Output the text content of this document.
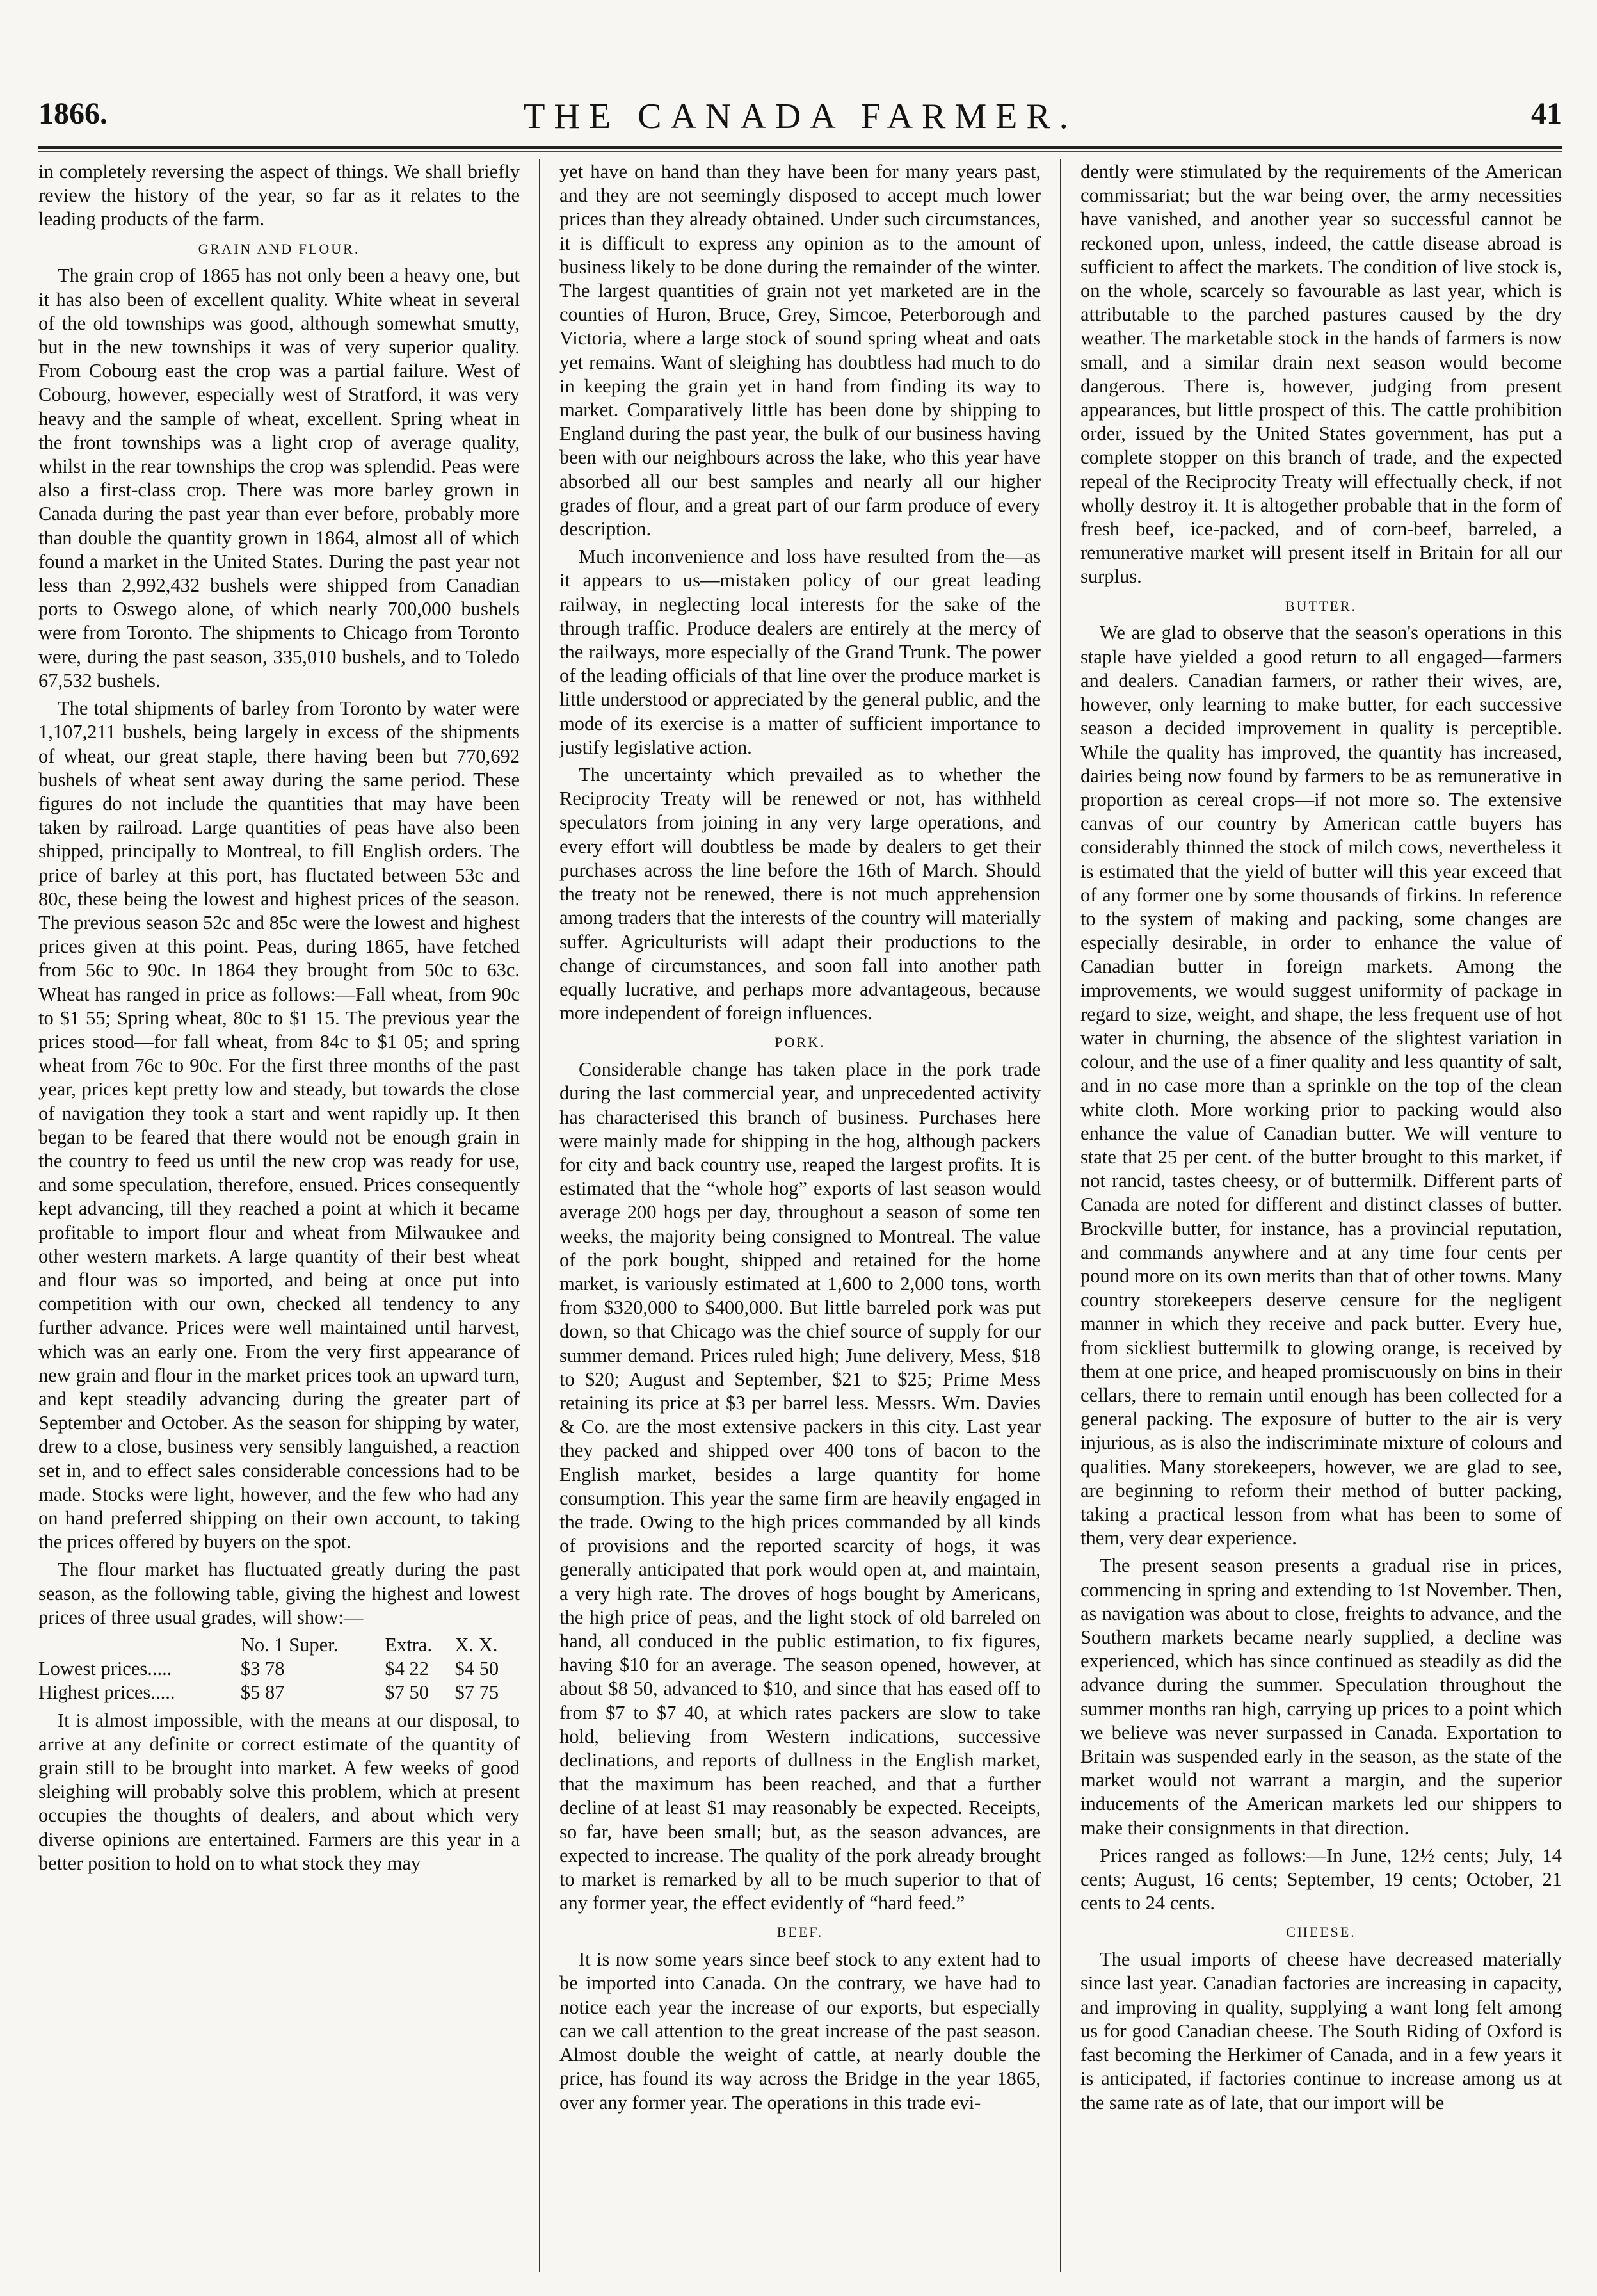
1866.	THE CANADA FARMER.	41

in completely reversing the aspect of things. We shall briefly review the history of the year, so far as it relates to the leading products of the farm.

GRAIN AND FLOUR.

The grain crop of 1865 has not only been a heavy one, but it has also been of excellent quality. White wheat in several of the old townships was good, although somewhat smutty, but in the new townships it was of very superior quality. From Cobourg east the crop was a partial failure. West of Cobourg, however, especially west of Stratford, it was very heavy and the sample of wheat, excellent. Spring wheat in the front townships was a light crop of average quality, whilst in the rear townships the crop was splendid. Peas were also a first-class crop. There was more barley grown in Canada during the past year than ever before, probably more than double the quantity grown in 1864, almost all of which found a market in the United States. During the past year not less than 2,992,432 bushels were shipped from Canadian ports to Oswego alone, of which nearly 700,000 bushels were from Toronto. The shipments to Chicago from Toronto were, during the past season, 335,010 bushels, and to Toledo 67,532 bushels.

The total shipments of barley from Toronto by water were 1,107,211 bushels, being largely in excess of the shipments of wheat, our great staple, there having been but 770,692 bushels of wheat sent away during the same period. These figures do not include the quantities that may have been taken by railroad. Large quantities of peas have also been shipped, principally to Montreal, to fill English orders. The price of barley at this port, has fluctated between 53c and 80c, these being the lowest and highest prices of the season. The previous season 52c and 85c were the lowest and highest prices given at this point. Peas, during 1865, have fetched from 56c to 90c. In 1864 they brought from 50c to 63c. Wheat has ranged in price as follows:—Fall wheat, from 90c to $1 55; Spring wheat, 80c to $1 15. The previous year the prices stood—for fall wheat, from 84c to $1 05; and spring wheat from 76c to 90c. For the first three months of the past year, prices kept pretty low and steady, but towards the close of navigation they took a start and went rapidly up. It then began to be feared that there would not be enough grain in the country to feed us until the new crop was ready for use, and some speculation, therefore, ensued. Prices consequently kept advancing, till they reached a point at which it became profitable to import flour and wheat from Milwaukee and other western markets. A large quantity of their best wheat and flour was so imported, and being at once put into competition with our own, checked all tendency to any further advance. Prices were well maintained until harvest, which was an early one. From the very first appearance of new grain and flour in the market prices took an upward turn, and kept steadily advancing during the greater part of September and October. As the season for shipping by water, drew to a close, business very sensibly languished, a reaction set in, and to effect sales considerable concessions had to be made. Stocks were light, however, and the few who had any on hand preferred shipping on their own account, to taking the prices offered by buyers on the spot.

The flour market has fluctuated greatly during the past season, as the following table, giving the highest and lowest prices of three usual grades, will show:—

	No. 1 Super.	Extra.	X. X.
Lowest prices.....	$3 78	$4 22	$4 50
Highest prices.....	$5 87	$7 50	$7 75

It is almost impossible, with the means at our disposal, to arrive at any definite or correct estimate of the quantity of grain still to be brought into market. A few weeks of good sleighing will probably solve this problem, which at present occupies the thoughts of dealers, and about which very diverse opinions are entertained. Farmers are this year in a better position to hold on to what stock they may

yet have on hand than they have been for many years past, and they are not seemingly disposed to accept much lower prices than they already obtained. Under such circumstances, it is difficult to express any opinion as to the amount of business likely to be done during the remainder of the winter. The largest quantities of grain not yet marketed are in the counties of Huron, Bruce, Grey, Simcoe, Peterborough and Victoria, where a large stock of sound spring wheat and oats yet remains. Want of sleighing has doubtless had much to do in keeping the grain yet in hand from finding its way to market. Comparatively little has been done by shipping to England during the past year, the bulk of our business having been with our neighbours across the lake, who this year have absorbed all our best samples and nearly all our higher grades of flour, and a great part of our farm produce of every description.

Much inconvenience and loss have resulted from the—as it appears to us—mistaken policy of our great leading railway, in neglecting local interests for the sake of the through traffic. Produce dealers are entirely at the mercy of the railways, more especially of the Grand Trunk. The power of the leading officials of that line over the produce market is little understood or appreciated by the general public, and the mode of its exercise is a matter of sufficient importance to justify legislative action.

The uncertainty which prevailed as to whether the Reciprocity Treaty will be renewed or not, has withheld speculators from joining in any very large operations, and every effort will doubtless be made by dealers to get their purchases across the line before the 16th of March. Should the treaty not be renewed, there is not much apprehension among traders that the interests of the country will materially suffer. Agriculturists will adapt their productions to the change of circumstances, and soon fall into another path equally lucrative, and perhaps more advantageous, because more independent of foreign influences.

PORK.

Considerable change has taken place in the pork trade during the last commercial year, and unprecedented activity has characterised this branch of business. Purchases here were mainly made for shipping in the hog, although packers for city and back country use, reaped the largest profits. It is estimated that the “whole hog” exports of last season would average 200 hogs per day, throughout a season of some ten weeks, the majority being consigned to Montreal. The value of the pork bought, shipped and retained for the home market, is variously estimated at 1,600 to 2,000 tons, worth from $320,000 to $400,000. But little barreled pork was put down, so that Chicago was the chief source of supply for our summer demand. Prices ruled high; June delivery, Mess, $18 to $20; August and September, $21 to $25; Prime Mess retaining its price at $3 per barrel less. Messrs. Wm. Davies & Co. are the most extensive packers in this city. Last year they packed and shipped over 400 tons of bacon to the English market, besides a large quantity for home consumption. This year the same firm are heavily engaged in the trade. Owing to the high prices commanded by all kinds of provisions and the reported scarcity of hogs, it was generally anticipated that pork would open at, and maintain, a very high rate. The droves of hogs bought by Americans, the high price of peas, and the light stock of old barreled on hand, all conduced in the public estimation, to fix figures, having $10 for an average. The season opened, however, at about $8 50, advanced to $10, and since that has eased off to from $7 to $7 40, at which rates packers are slow to take hold, believing from Western indications, successive declinations, and reports of dullness in the English market, that the maximum has been reached, and that a further decline of at least $1 may reasonably be expected. Receipts, so far, have been small; but, as the season advances, are expected to increase. The quality of the pork already brought to market is remarked by all to be much superior to that of any former year, the effect evidently of “hard feed.”

BEEF.

It is now some years since beef stock to any extent had to be imported into Canada. On the contrary, we have had to notice each year the increase of our exports, but especially can we call attention to the great increase of the past season. Almost double the weight of cattle, at nearly double the price, has found its way across the Bridge in the year 1865, over any former year. The operations in this trade evi-

dently were stimulated by the requirements of the American commissariat; but the war being over, the army necessities have vanished, and another year so successful cannot be reckoned upon, unless, indeed, the cattle disease abroad is sufficient to affect the markets. The condition of live stock is, on the whole, scarcely so favourable as last year, which is attributable to the parched pastures caused by the dry weather. The marketable stock in the hands of farmers is now small, and a similar drain next season would become dangerous. There is, however, judging from present appearances, but little prospect of this. The cattle prohibition order, issued by the United States government, has put a complete stopper on this branch of trade, and the expected repeal of the Reciprocity Treaty will effectually check, if not wholly destroy it. It is altogether probable that in the form of fresh beef, ice-packed, and of corn-beef, barreled, a remunerative market will present itself in Britain for all our surplus.

BUTTER.

We are glad to observe that the season's operations in this staple have yielded a good return to all engaged—farmers and dealers. Canadian farmers, or rather their wives, are, however, only learning to make butter, for each successive season a decided improvement in quality is perceptible. While the quality has improved, the quantity has increased, dairies being now found by farmers to be as remunerative in proportion as cereal crops—if not more so. The extensive canvas of our country by American cattle buyers has considerably thinned the stock of milch cows, nevertheless it is estimated that the yield of butter will this year exceed that of any former one by some thousands of firkins. In reference to the system of making and packing, some changes are especially desirable, in order to enhance the value of Canadian butter in foreign markets. Among the improvements, we would suggest uniformity of package in regard to size, weight, and shape, the less frequent use of hot water in churning, the absence of the slightest variation in colour, and the use of a finer quality and less quantity of salt, and in no case more than a sprinkle on the top of the clean white cloth. More working prior to packing would also enhance the value of Canadian butter. We will venture to state that 25 per cent. of the butter brought to this market, if not rancid, tastes cheesy, or of buttermilk. Different parts of Canada are noted for different and distinct classes of butter. Brockville butter, for instance, has a provincial reputation, and commands anywhere and at any time four cents per pound more on its own merits than that of other towns. Many country storekeepers deserve censure for the negligent manner in which they receive and pack butter. Every hue, from sickliest buttermilk to glowing orange, is received by them at one price, and heaped promiscuously on bins in their cellars, there to remain until enough has been collected for a general packing. The exposure of butter to the air is very injurious, as is also the indiscriminate mixture of colours and qualities. Many storekeepers, however, we are glad to see, are beginning to reform their method of butter packing, taking a practical lesson from what has been to some of them, very dear experience.

The present season presents a gradual rise in prices, commencing in spring and extending to 1st November. Then, as navigation was about to close, freights to advance, and the Southern markets became nearly supplied, a decline was experienced, which has since continued as steadily as did the advance during the summer. Speculation throughout the summer months ran high, carrying up prices to a point which we believe was never surpassed in Canada. Exportation to Britain was suspended early in the season, as the state of the market would not warrant a margin, and the superior inducements of the American markets led our shippers to make their consignments in that direction.

Prices ranged as follows:—In June, 12½ cents; July, 14 cents; August, 16 cents; September, 19 cents; October, 21 cents to 24 cents.

CHEESE.

The usual imports of cheese have decreased materially since last year. Canadian factories are increasing in capacity, and improving in quality, supplying a want long felt among us for good Canadian cheese. The South Riding of Oxford is fast becoming the Herkimer of Canada, and in a few years it is anticipated, if factories continue to increase among us at the same rate as of late, that our import will be
